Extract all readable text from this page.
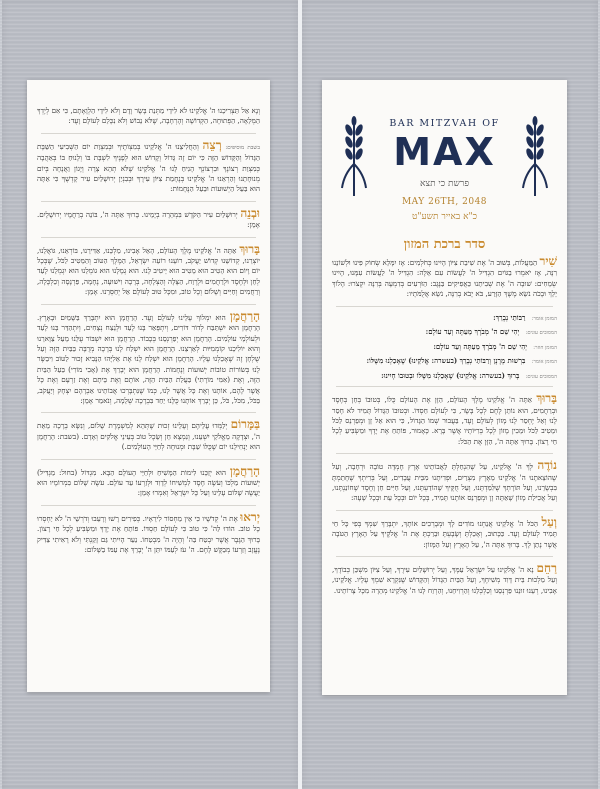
וְנָא אַל תַּצְרִיכֵנוּ ה' אֱלֹקֵינוּ לֹא לִידֵי מַתְּנַת בָּשָׂר וָדָם וְלֹא לִידֵי הַלְוָאָתָם, כִּי אִם לְיָדְךָ הַמְּלֵאָה, הַפְּתוּחָה, הַקְּדוֹשָׁה וְהָרְחָבָה, שֶׁלֹּא נֵבוֹשׁ וְלֹא נִכָּלֵם לְעוֹלָם וָעֶד:

בשבת מוסיפים: רְצֵה וְהַחֲלִיצֵנוּ ה' אֱלֹקֵינוּ בְּמִצְוֹתֶיךָ וּבְמִצְוַת יוֹם הַשְּׁבִיעִי הַשַּׁבָּת הַגָּדוֹל וְהַקָּדוֹשׁ הַזֶּה כִּי יוֹם זֶה גָּדוֹל וְקָדוֹשׁ הוּא לְפָנֶיךָ לִשְׁבָּת בּוֹ וְלָנוּחַ בּוֹ בְּאַהֲבָה כְּמִצְוַת רְצוֹנֶךָ וּבִרְצוֹנְךָ הָנִיחַ לָנוּ ה' אֱלֹקֵינוּ שֶׁלֹּא תְהֵא צָרָה וְיָגוֹן וַאֲנָחָה בְּיוֹם מְנוּחָתֵנוּ וְהַרְאֵנוּ ה' אֱלֹקֵינוּ בְּנֶחָמַת צִיּוֹן עִירֶךָ וּבְבִנְיַן יְרוּשָׁלַיִם עִיר קָדְשֶׁךָ כִּי אַתָּה הוּא בַּעַל הַיְשׁוּעוֹת וּבַעַל הַנֶּחָמוֹת:

וּבְנֵה יְרוּשָׁלַיִם עִיר הַקֹּדֶשׁ בִּמְהֵרָה בְיָמֵינוּ. בָּרוּךְ אַתָּה ה', בּוֹנֵה בְרַחֲמָיו יְרוּשָׁלָיִם. אָמֵן:

בָּרוּךְ אַתָּה ה' אֱלֹקֵינוּ מֶלֶךְ הָעוֹלָם, הָאֵל אָבִינוּ, מַלְכֵּנוּ, אַדִּירֵנוּ, בּוֹרְאֵנוּ, גּוֹאֲלֵנוּ, יוֹצְרֵנוּ, קְדוֹשֵׁנוּ קְדוֹשׁ יַעֲקֹב, רוֹעֵנוּ רוֹעֵה יִשְׂרָאֵל, הַמֶּלֶךְ הַטּוֹב וְהַמֵּטִיב לַכֹּל, שֶׁבְּכָל יוֹם וָיוֹם הוּא הֵטִיב הוּא מֵטִיב הוּא יֵיטִיב לָנוּ. הוּא גְמָלָנוּ הוּא גוֹמְלֵנוּ הוּא יִגְמְלֵנוּ לָעַד לְחֵן וּלְחֶסֶד וּלְרַחֲמִים וּלְרֶוַח, הַצָּלָה וְהַצְלָחָה, בְּרָכָה וִישׁוּעָה, נֶחָמָה, פַּרְנָסָה וְכַלְכָּלָה, וְרַחֲמִים וְחַיִּים וְשָׁלוֹם וְכָל טוֹב, וּמִכָּל טוּב לְעוֹלָם אַל יְחַסְּרֵנוּ. אָמֵן:

הָרַחֲמָן הוּא יִמְלוֹךְ עָלֵינוּ לְעוֹלָם וָעֶד. הָרַחֲמָן הוּא יִתְבָּרַךְ בַּשָּׁמַיִם וּבָאָרֶץ. הָרַחֲמָן הוּא יִשְׁתַּבַּח לְדוֹר דּוֹרִים, וְיִתְפָּאַר בָּנוּ לָעַד וּלְנֵצַח נְצָחִים, וְיִתְהַדַּר בָּנוּ לָעַד וּלְעוֹלְמֵי עוֹלָמִים. הָרַחֲמָן הוּא יְפַרְנְסֵנוּ בְּכָבוֹד. הָרַחֲמָן הוּא יִשְׁבּוֹר עֻלֵּנוּ מֵעַל צַוָּארֵנוּ וְהוּא יוֹלִיכֵנוּ קוֹמְמִיּוּת לְאַרְצֵנוּ. הָרַחֲמָן הוּא יִשְׁלַח לָנוּ בְּרָכָה מְרֻבָּה בַּבַּיִת הַזֶּה וְעַל שֻׁלְחָן זֶה שֶׁאָכַלְנוּ עָלָיו. הָרַחֲמָן הוּא יִשְׁלַח לָנוּ אֶת אֵלִיָּהוּ הַנָּבִיא זָכוּר לַטּוֹב וִיבַשֶּׂר לָנוּ בְּשׂוֹרוֹת טוֹבוֹת יְשׁוּעוֹת וְנֶחָמוֹת. הָרַחֲמָן הוּא יְבָרֵךְ אֶת (אָבִי מוֹרִי) בַּעַל הַבַּיִת הַזֶּה, וְאֶת (אִמִּי מוֹרָתִי) בַּעֲלַת הַבַּיִת הַזֶּה, אוֹתָם וְאֶת בֵּיתָם וְאֶת זַרְעָם וְאֶת כָּל אֲשֶׁר לָהֶם, אוֹתָנוּ וְאֶת כָּל אֲשֶׁר לָנוּ, כְּמוֹ שֶׁנִּתְבָּרְכוּ אֲבוֹתֵינוּ אַבְרָהָם יִצְחָק וְיַעֲקֹב, בַּכֹּל, מִכֹּל, כֹּל, כֵּן יְבָרֵךְ אוֹתָנוּ כֻּלָּנוּ יַחַד בִּבְרָכָה שְׁלֵמָה, וְנֹאמַר אָמֵן:

בַּמָּרוֹם יְלַמְּדוּ עֲלֵיהֶם וְעָלֵינוּ זְכוּת שֶׁתְּהֵא לְמִשְׁמֶרֶת שָׁלוֹם, וְנִשָּׂא בְרָכָה מֵאֵת ה', וּצְדָקָה מֵאֱלֹקֵי יִשְׁעֵנוּ, וְנִמְצָא חֵן וְשֵׂכֶל טוֹב בְּעֵינֵי אֱלֹקִים וְאָדָם. (בשבת: הָרַחֲמָן הוּא יַנְחִילֵנוּ יוֹם שֶׁכֻּלּוֹ שַׁבָּת וּמְנוּחָה לְחַיֵּי הָעוֹלָמִים.)

הָרַחֲמָן הוּא יְזַכֵּנוּ לִימוֹת הַמָּשִׁיחַ וּלְחַיֵּי הָעוֹלָם הַבָּא. מִגְדּוֹל (בחול: מַגְדִּיל) יְשׁוּעוֹת מַלְכּוֹ וְעֹשֶׂה חֶסֶד לִמְשִׁיחוֹ לְדָוִד וּלְזַרְעוֹ עַד עוֹלָם. עֹשֶׂה שָׁלוֹם בִּמְרוֹמָיו הוּא יַעֲשֶׂה שָׁלוֹם עָלֵינוּ וְעַל כָּל יִשְׂרָאֵל וְאִמְרוּ אָמֵן:

יְראוּ אֶת ה' קְדֹשָׁיו כִּי אֵין מַחְסוֹר לִירֵאָיו. כְּפִירִים רָשׁוּ וְרָעֵבוּ וְדֹרְשֵׁי ה' לֹא יַחְסְרוּ כָל טוֹב. הוֹדוּ לַה' כִּי טוֹב כִּי לְעוֹלָם חַסְדּוֹ. פּוֹתֵחַ אֶת יָדֶךָ וּמַשְׂבִּיעַ לְכָל חַי רָצוֹן. בָּרוּךְ הַגֶּבֶר אֲשֶׁר יִבְטַח בַּה' וְהָיָה ה' מִבְטַחוֹ. נַעַר הָיִיתִי גַּם זָקַנְתִּי וְלֹא רָאִיתִי צַדִּיק נֶעֱזָב וְזַרְעוֹ מְבַקֶּשׁ לָחֶם. ה' עֹז לְעַמּוֹ יִתֵּן ה' יְבָרֵךְ אֶת עַמּוֹ בַשָּׁלוֹם:

BAR MITZVAH OF
MAX
פרשת כי תצא
MAY 26TH, 2048
כ"א באייר תשע"ט
סדר ברכת המזון

שִׁיר הַמַּעֲלוֹת, בְּשׁוּב ה' אֶת שִׁיבַת צִיּוֹן הָיִינוּ כְּחֹלְמִים: אָז יִמָּלֵא שְׂחוֹק פִּינוּ וּלְשׁוֹנֵנוּ רִנָּה, אָז יֹאמְרוּ בַגּוֹיִם הִגְדִּיל ה' לַעֲשׂוֹת עִם אֵלֶּה: הִגְדִּיל ה' לַעֲשׂוֹת עִמָּנוּ, הָיִינוּ שְׂמֵחִים: שׁוּבָה ה' אֶת שְׁבִיתֵנוּ כַּאֲפִיקִים בַּנֶּגֶב: הַזֹּרְעִים בְּדִמְעָה בְּרִנָּה יִקְצֹרוּ: הָלוֹךְ יֵלֵךְ וּבָכֹה נֹשֵׂא מֶשֶׁךְ הַזָּרַע, בֹּא יָבֹא בְרִנָּה, נֹשֵׂא אֲלֻמֹּתָיו:

המזמן אומר: רַבּוֹתַי נְבָרֵךְ:
המסובים עונים: יְהִי שֵׁם ה' מְבֹרָךְ מֵעַתָּה וְעַד עוֹלָם:
המזמן חוזר: יְהִי שֵׁם ה' מְבֹרָךְ מֵעַתָּה וְעַד עוֹלָם:
המזמן אומר: בִּרְשׁוּת מָרָנָן וְרַבּוֹתַי נְבָרֵךְ (בעשרה: אֱלֹקֵינוּ) שֶׁאָכַלְנוּ מִשֶּׁלּוֹ:
המסובים עונים: בָּרוּךְ (בעשרה: אֱלֹקֵינוּ) שֶׁאָכַלְנוּ מִשֶּׁלּוֹ וּבְטוּבוֹ חָיִינוּ:

בָּרוּךְ אַתָּה ה' אֱלֹקֵינוּ מֶלֶךְ הָעוֹלָם, הַזָּן אֶת הָעוֹלָם כֻּלּוֹ, בְּטוּבוֹ בְּחֵן בְּחֶסֶד וּבְרַחֲמִים, הוּא נוֹתֵן לֶחֶם לְכָל בָּשָׂר, כִּי לְעוֹלָם חַסְדּוֹ. וּבְטוּבוֹ הַגָּדוֹל תָּמִיד לֹא חָסַר לָנוּ וְאַל יֶחְסַר לָנוּ מָזוֹן לְעוֹלָם וָעֶד, בַּעֲבוּר שְׁמוֹ הַגָּדוֹל, כִּי הוּא אֵל זָן וּמְפַרְנֵס לַכֹּל וּמֵטִיב לַכֹּל וּמֵכִין מָזוֹן לְכָל בְּרִיּוֹתָיו אֲשֶׁר בָּרָא. כָּאָמוּר, פּוֹתֵחַ אֶת יָדֶךָ וּמַשְׂבִּיעַ לְכָל חַי רָצוֹן. בָּרוּךְ אַתָּה ה', הַזָּן אֶת הַכֹּל:

נוֹדֶה לְּךָ ה' אֱלֹקֵינוּ, עַל שֶׁהִנְחַלְתָּ לַאֲבוֹתֵינוּ אֶרֶץ חֶמְדָּה טוֹבָה וּרְחָבָה, וְעַל שֶׁהוֹצֵאתָנוּ ה' אֱלֹקֵינוּ מֵאֶרֶץ מִצְרַיִם, וּפְדִיתָנוּ מִבֵּית עֲבָדִים, וְעַל בְּרִיתְךָ שֶׁחָתַמְתָּ בִּבְשָׂרֵנוּ, וְעַל תּוֹרָתְךָ שֶׁלִּמַּדְתָּנוּ, וְעַל חֻקֶּיךָ שֶׁהוֹדַעְתָּנוּ, וְעַל חַיִּים חֵן וָחֶסֶד שֶׁחוֹנַנְתָּנוּ, וְעַל אֲכִילַת מָזוֹן שָׁאַתָּה זָן וּמְפַרְנֵס אוֹתָנוּ תָּמִיד, בְּכָל יוֹם וּבְכָל עֵת וּבְכָל שָׁעָה:

וְעַל הַכֹּל ה' אֱלֹקֵינוּ אֲנַחְנוּ מוֹדִים לָךְ וּמְבָרְכִים אוֹתָךְ, יִתְבָּרַךְ שִׁמְךָ בְּפִי כָּל חַי תָּמִיד לְעוֹלָם וָעֶד. כַּכָּתוּב, וְאָכַלְתָּ וְשָׂבָעְתָּ וּבֵרַכְתָּ אֶת ה' אֱלֹקֶיךָ עַל הָאָרֶץ הַטֹּבָה אֲשֶׁר נָתַן לָךְ. בָּרוּךְ אַתָּה ה', עַל הָאָרֶץ וְעַל הַמָּזוֹן:

רַחֵם נָא ה' אֱלֹקֵינוּ עַל יִשְׂרָאֵל עַמֶּךָ, וְעַל יְרוּשָׁלַיִם עִירֶךָ, וְעַל צִיּוֹן מִשְׁכַּן כְּבוֹדֶךָ, וְעַל מַלְכוּת בֵּית דָּוִד מְשִׁיחֶךָ, וְעַל הַבַּיִת הַגָּדוֹל וְהַקָּדוֹשׁ שֶׁנִּקְרָא שִׁמְךָ עָלָיו. אֱלֹקֵינוּ, אָבִינוּ, רְעֵנוּ זוּנֵנוּ פַּרְנְסֵנוּ וְכַלְכְּלֵנוּ וְהַרְוִיחֵנוּ, וְהַרְוַח לָנוּ ה' אֱלֹקֵינוּ מְהֵרָה מִכָּל צָרוֹתֵינוּ.
